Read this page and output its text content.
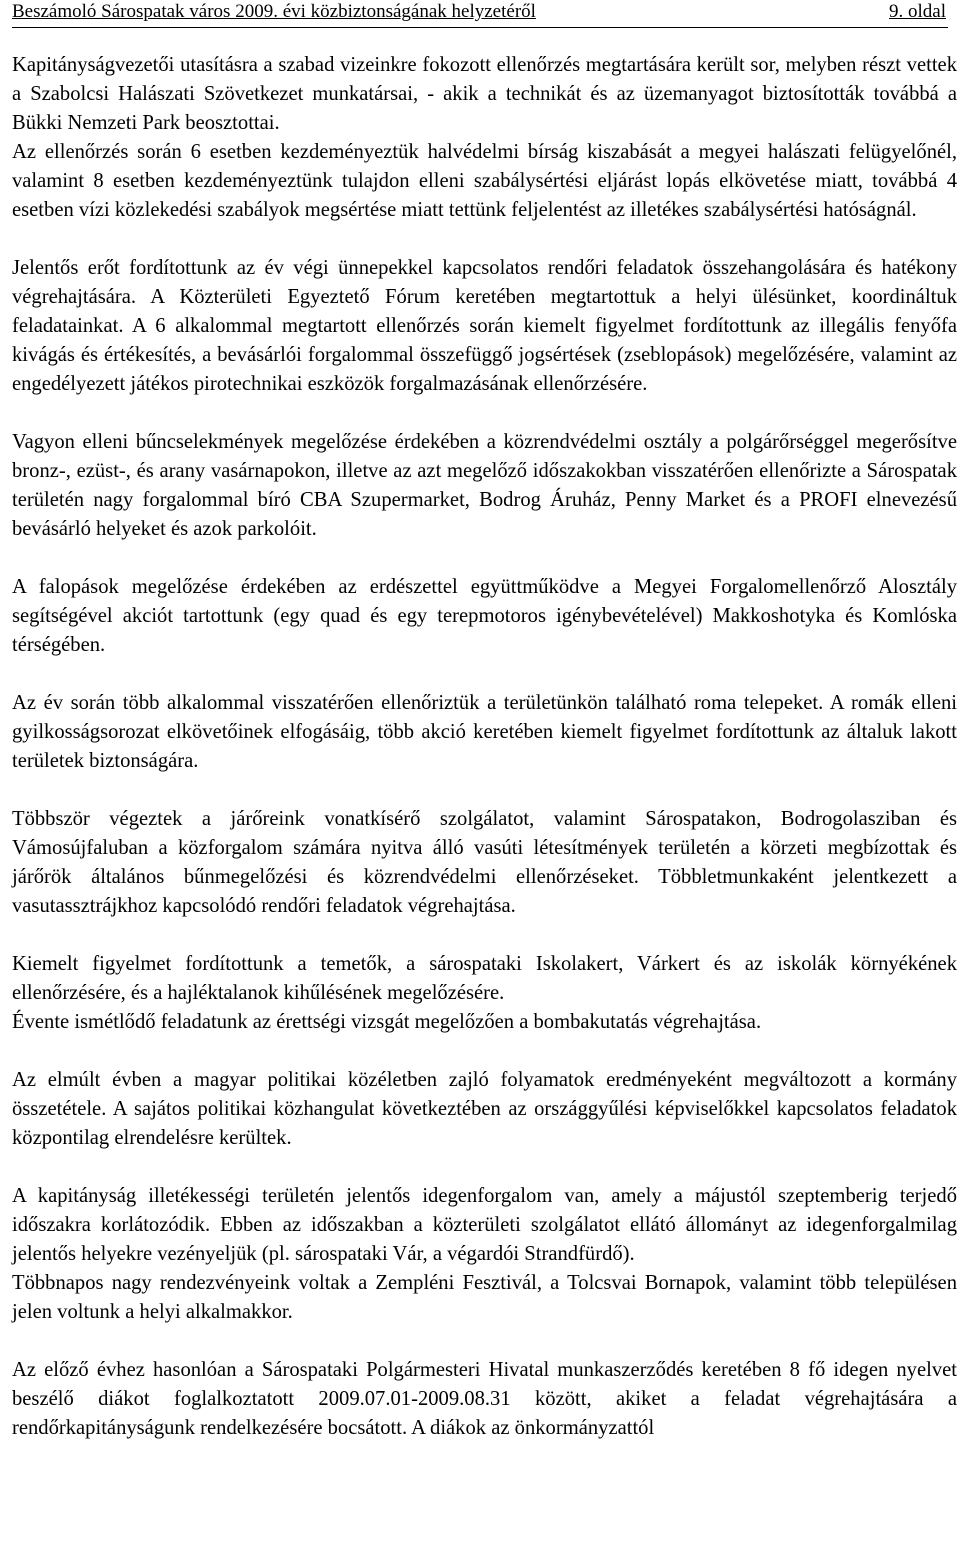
Beszámoló Sárospatak város 2009. évi közbiztonságának helyzetéről	9. oldal

Kapitányságvezetői utasításra a szabad vizeinkre fokozott ellenőrzés megtartására került sor, melyben részt vettek a Szabolcsi Halászati Szövetkezet munkatársai, - akik a technikát és az üzemanyagot biztosították továbbá a Bükki Nemzeti Park beosztottai.

Az ellenőrzés során 6 esetben kezdeményeztük halvédelmi bírság kiszabását a megyei halászati felügyelőnél, valamint 8 esetben kezdeményeztünk tulajdon elleni szabálysértési eljárást lopás elkövetése miatt, továbbá 4 esetben vízi közlekedési szabályok megsértése miatt tettünk feljelentést az illetékes szabálysértési hatóságnál.

Jelentős erőt fordítottunk az év végi ünnepekkel kapcsolatos rendőri feladatok összehangolására és hatékony végrehajtására. A Közterületi Egyeztető Fórum keretében megtartottuk a helyi ülésünket, koordináltuk feladatainkat. A 6 alkalommal megtartott ellenőrzés során kiemelt figyelmet fordítottunk az illegális fenyőfa kivágás és értékesítés, a bevásárlói forgalommal összefüggő jogsértések (zseblopások) megelőzésére, valamint az engedélyezett játékos pirotechnikai eszközök forgalmazásának ellenőrzésére.

Vagyon elleni bűncselekmények megelőzése érdekében a közrendvédelmi osztály a polgárőrséggel megerősítve bronz-, ezüst-, és arany vasárnapokon, illetve az azt megelőző időszakokban visszatérően ellenőrizte a Sárospatak területén nagy forgalommal bíró CBA Szupermarket, Bodrog Áruház, Penny Market és a PROFI elnevezésű bevásárló helyeket és azok parkolóit.

A falopások megelőzése érdekében az erdészettel együttműködve a Megyei Forgalomellenőrző Alosztály segítségével akciót tartottunk (egy quad és egy terepmotoros igénybevételével) Makkoshotyka és Komlóska térségében.

Az év során több alkalommal visszatérően ellenőriztük a területünkön található roma telepeket. A romák elleni gyilkosságsorozat elkövetőinek elfogásáig, több akció keretében kiemelt figyelmet fordítottunk az általuk lakott területek biztonságára.

Többször végeztek a járőreink vonatkísérő szolgálatot, valamint Sárospatakon, Bodrogolasziban és Vámosújfaluban a közforgalom számára nyitva álló vasúti létesítmények területén a körzeti megbízottak és járőrök általános bűnmegelőzési és közrendvédelmi ellenőrzéseket. Többletmunkaként jelentkezett a vasutassztrájkhoz kapcsolódó rendőri feladatok végrehajtása.

Kiemelt figyelmet fordítottunk a temetők, a sárospataki Iskolakert, Várkert és az iskolák környékének ellenőrzésére, és a hajléktalanok kihűlésének megelőzésére.

Évente ismétlődő feladatunk az érettségi vizsgát megelőzően a bombakutatás végrehajtása.

Az elmúlt évben a magyar politikai közéletben zajló folyamatok eredményeként megváltozott a kormány összetétele. A sajátos politikai közhangulat következtében az országgyűlési képviselőkkel kapcsolatos feladatok központilag elrendelésre kerültek.

A kapitányság illetékességi területén jelentős idegenforgalom van, amely a májustól szeptemberig terjedő időszakra korlátozódik. Ebben az időszakban a közterületi szolgálatot ellátó állományt az idegenforgalmilag jelentős helyekre vezényeljük (pl. sárospataki Vár, a végardói Strandfürdő).

Többnapos nagy rendezvényeink voltak a Zempléni Fesztivál, a Tolcsvai Bornapok, valamint több településen jelen voltunk a helyi alkalmakkor.

Az előző évhez hasonlóan a Sárospataki Polgármesteri Hivatal munkaszerződés keretében 8 fő idegen nyelvet beszélő diákot foglalkoztatott 2009.07.01-2009.08.31 között, akiket a feladat végrehajtására a rendőrkapitányságunk rendelkezésére bocsátott. A diákok az önkormányzattól
